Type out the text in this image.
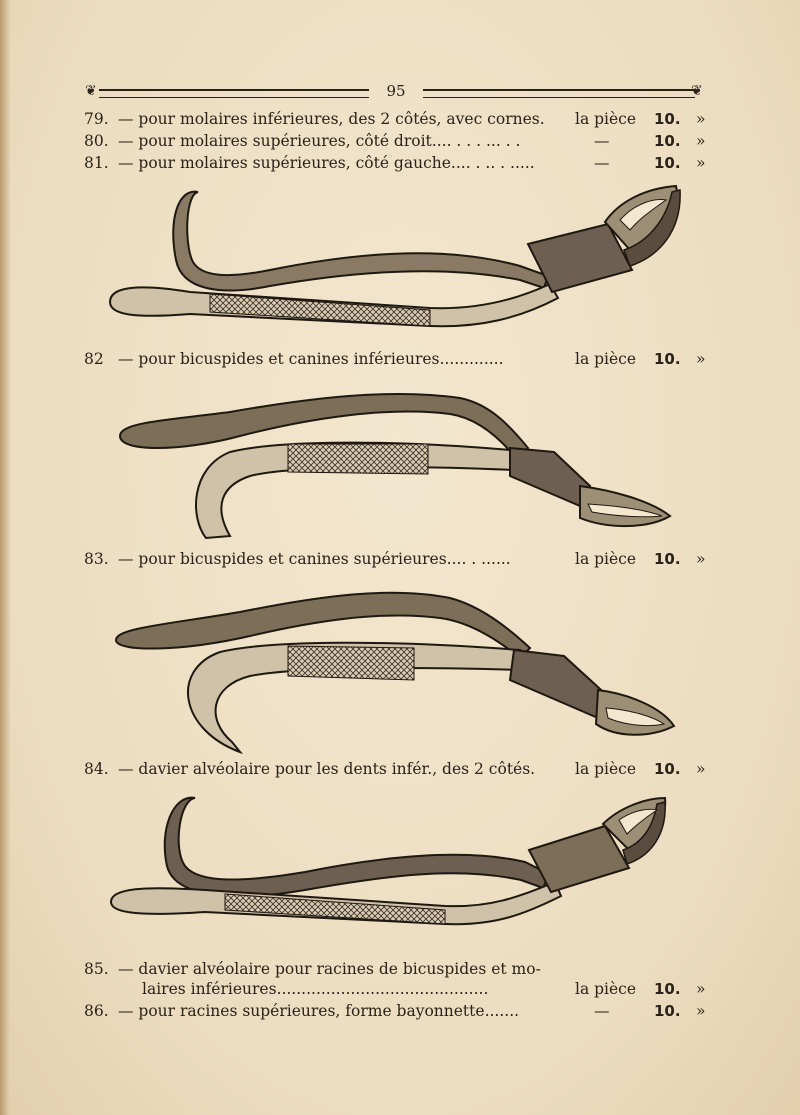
❦	95	❦
79. — pour molaires inférieures, des 2 côtés, avec cornes. la pièce 10. »
80. — pour molaires supérieures, côté droit.... . . . ... . .	—	10. »
81. — pour molaires supérieures, côté gauche.... . .. . .....	—	10. »
82 — pour bicuspides et canines inférieures.............	la pièce 10. »
83. — pour bicuspides et canines supérieures.... . ......	la pièce 10. »
84. — davier alvéolaire pour les dents infér., des 2 côtés.	la pièce 10. »
85. — davier alvéolaire pour racines de bicuspides et mo-
laires inférieures...........................................	la pièce 10. »
86. — pour racines supérieures, forme bayonnette.......	—	10. »
